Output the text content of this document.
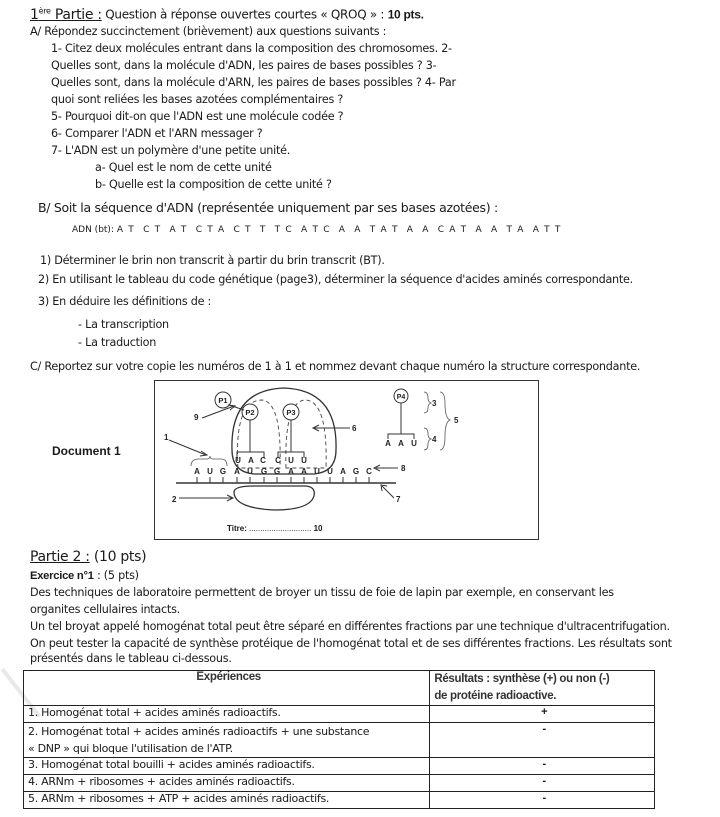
1ère Partie : Question à réponse ouvertes courtes « QROQ » : 10 pts.
A/ Répondez succinctement (brièvement) aux questions suivants :
1- Citez deux molécules entrant dans la composition des chromosomes. 2-
Quelles sont, dans la molécule d'ADN, les paires de bases possibles ? 3-
Quelles sont, dans la molécule d'ARN, les paires de bases possibles ? 4- Par
quoi sont reliées les bases azotées complémentaires ?
5- Pourquoi dit-on que l'ADN est une molécule codée ?
6- Comparer l'ADN et l'ARN messager ?
7- L'ADN est un polymère d'une petite unité.
a- Quel est le nom de cette unité
b- Quelle est la composition de cette unité ?
B/ Soit la séquence d'ADN (représentée uniquement par ses bases azotées) :
ADN (bt): A T  C T  A T  C T A  C T  T  T C  A T C  A  A  T A T  A  A  C A T  A  A  T A  A T T
1) Déterminer le brin non transcrit à partir du brin transcrit (BT).
2) En utilisant le tableau du code génétique (page3), déterminer la séquence d'acides aminés correspondante.
3) En déduire les définitions de :
- La transcription
- La traduction
C/ Reportez sur votre copie les numéros de 1 à 1 et nommez devant chaque numéro la structure correspondante.
Document 1
A U G A U G G A A U U A G C
P2
U A C
P3
C U U
P1	P4
A A U
1
2
3
4
5
6
7
8
9
Titre: ............................ 10
Partie 2 : (10 pts)
Exercice n°1 : (5 pts)
Des techniques de laboratoire permettent de broyer un tissu de foie de lapin par exemple, en conservant les
organites cellulaires intacts.
Un tel broyat appelé homogénat total peut être séparé en différentes fractions par une technique d'ultracentrifugation.
On peut tester la capacité de synthèse protéique de l'homogénat total et de ses différentes fractions. Les résultats sont
présentés dans le tableau ci-dessous.
Expériences	Résultats : synthèse (+) ou non (-)
de protéine radioactive.

1. Homogénat total + acides aminés radioactifs.	+

2. Homogénat total + acides aminés radioactifs + une substance
« DNP » qui bloque l'utilisation de l'ATP.	-
3. Homogénat total bouilli + acides aminés radioactifs.	-
4. ARNm + ribosomes + acides aminés radioactifs.	-
5. ARNm + ribosomes + ATP + acides aminés radioactifs.	-
